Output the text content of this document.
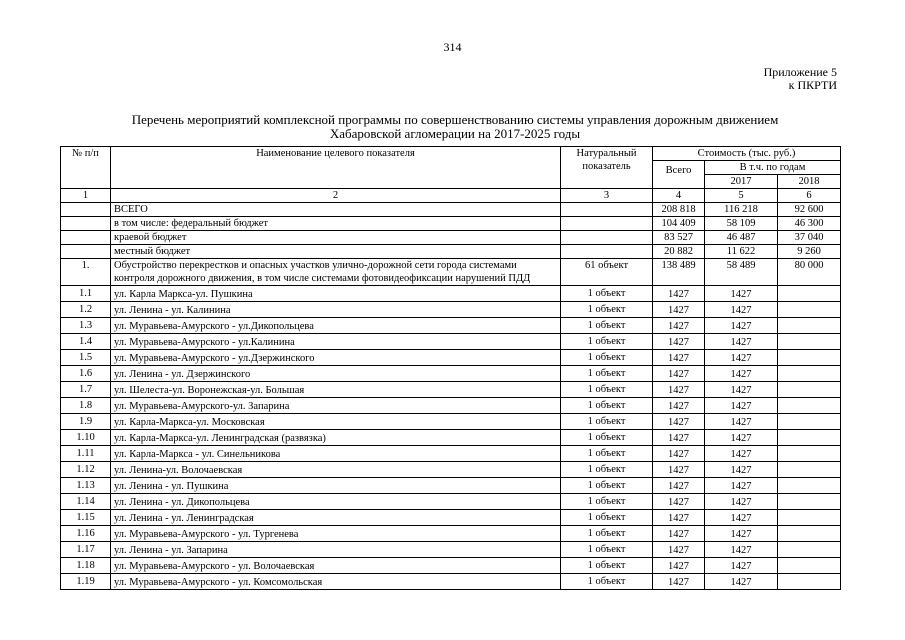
314
Приложение 5
к ПКРТИ
Перечень мероприятий комплексной программы по совершенствованию системы управления дорожным движением
Хабаровской агломерации на 2017-2025 годы
№ п/п	Наименование целевого показателя	Натуральный показатель	Стоимость (тыс. руб.)		
			Всего	В т.ч. по годам	
				2017	2018
1	2	3	4	5	6
	ВСЕГО		208 818	116 218	92 600
	в том числе: федеральный бюджет		104 409	58 109	46 300
	краевой бюджет		83 527	46 487	37 040
	местный бюджет		20 882	11 622	9 260
1.	Обустройство перекрестков и опасных участков улично-дорожной сети города системами контроля дорожного движения, в том числе системами фотовидеофиксации нарушений ПДД	61 объект	138 489	58 489	80 000
1.1	ул. Карла Маркса-ул. Пушкина	1 объект	1427	1427	
1.2	ул. Ленина - ул. Калинина	1 объект	1427	1427	
1.3	ул. Муравьева-Амурского - ул.Дикопольцева	1 объект	1427	1427	
1.4	ул. Муравьева-Амурского - ул.Калинина	1 объект	1427	1427	
1.5	ул. Муравьева-Амурского - ул.Дзержинского	1 объект	1427	1427	
1.6	ул. Ленина - ул. Дзержинского	1 объект	1427	1427	
1.7	ул. Шелеста-ул. Воронежская-ул. Большая	1 объект	1427	1427	
1.8	ул. Муравьева-Амурского-ул. Запарина	1 объект	1427	1427	
1.9	ул. Карла-Маркса-ул. Московская	1 объект	1427	1427	
1.10	ул. Карла-Маркса-ул. Ленинградская (развязка)	1 объект	1427	1427	
1.11	ул. Карла-Маркса - ул. Синельникова	1 объект	1427	1427	
1.12	ул. Ленина-ул. Волочаевская	1 объект	1427	1427	
1.13	ул. Ленина - ул. Пушкина	1 объект	1427	1427	
1.14	ул. Ленина - ул. Дикопольцева	1 объект	1427	1427	
1.15	ул. Ленина - ул. Ленинградская	1 объект	1427	1427	
1.16	ул. Муравьева-Амурского - ул. Тургенева	1 объект	1427	1427	
1.17	ул. Ленина - ул. Запарина	1 объект	1427	1427	
1.18	ул. Муравьева-Амурского - ул. Волочаевская	1 объект	1427	1427	
1.19	ул. Муравьева-Амурского - ул. Комсомольская	1 объект	1427	1427	
